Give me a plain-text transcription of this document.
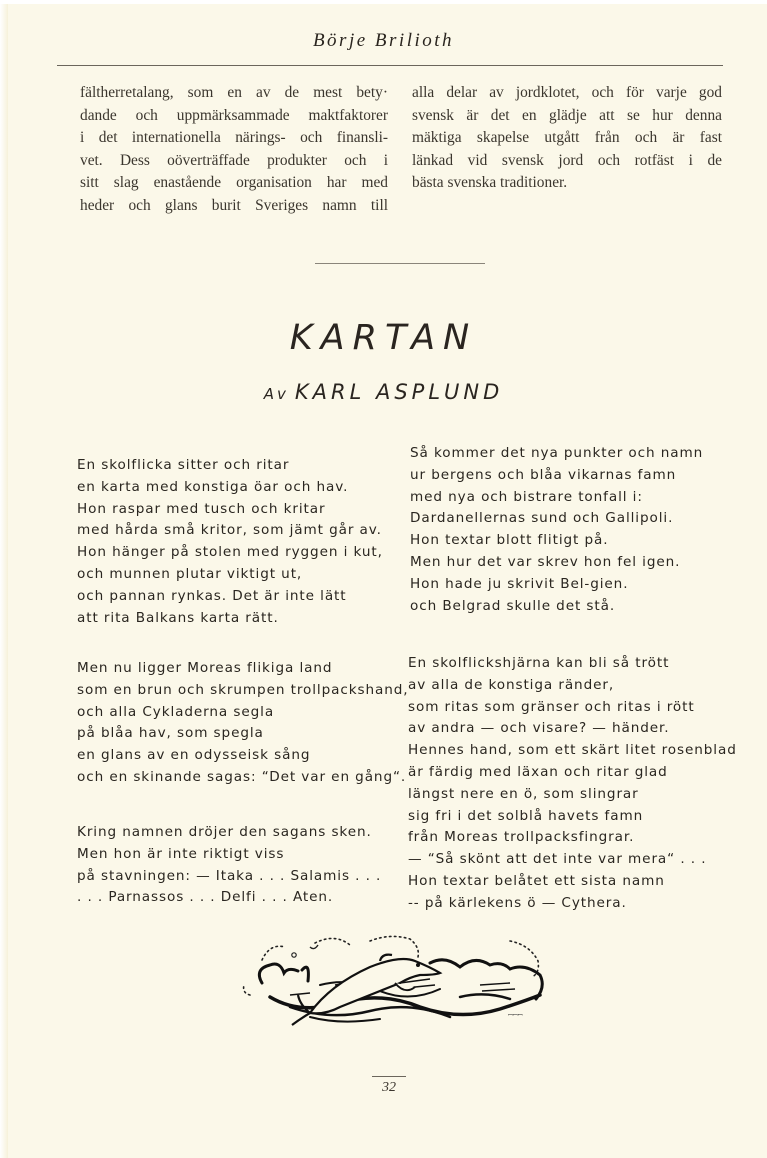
Börje Brilioth
fältherretalang, som en av de mest bety·
dande och uppmärksammade maktfaktorer
i det internationella närings- och finansli-
vet. Dess oöverträffade produkter och i
sitt slag enastående organisation har med
heder och glans burit Sveriges namn till
alla delar av jordklotet, och för varje god
svensk är det en glädje att se hur denna
mäktiga skapelse utgått från och är fast
länkad vid svensk jord och rotfäst i de
bästa svenska traditioner.
KARTAN
Av KARL ASPLUND
En skolflicka sitter och ritar
en karta med konstiga öar och hav.
Hon raspar med tusch och kritar
med hårda små kritor, som jämt går av.
Hon hänger på stolen med ryggen i kut,
och munnen plutar viktigt ut,
och pannan rynkas. Det är inte lätt
att rita Balkans karta rätt.
Så kommer det nya punkter och namn
ur bergens och blåa vikarnas famn
med nya och bistrare tonfall i:
Dardanellernas sund och Gallipoli.
Hon textar blott flitigt på.
Men hur det var skrev hon fel igen.
Hon hade ju skrivit Bel-gien.
och Belgrad skulle det stå.
Men nu ligger Moreas flikiga land
som en brun och skrumpen trollpackshand,
och alla Cykladerna segla
på blåa hav, som spegla
en glans av en odysseisk sång
och en skinande sagas: “Det var en gång“.
Kring namnen dröjer den sagans sken.
Men hon är inte riktigt viss
på stavningen: — Itaka . . . Salamis . . .
. . . Parnassos . . . Delfi . . . Aten.
En skolflickshjärna kan bli så trött
av alla de konstiga ränder,
som ritas som gränser och ritas i rött
av andra — och visare? — händer.
Hennes hand, som ett skärt litet rosenblad
är färdig med läxan och ritar glad
längst nere en ö, som slingrar
sig fri i det solblå havets famn
från Moreas trollpacksfingrar.
— “Så skönt att det inte var mera“ . . .
Hon textar belåtet ett sista namn
-- på kärlekens ö — Cythera.
ꟷꟷꟷ
32
